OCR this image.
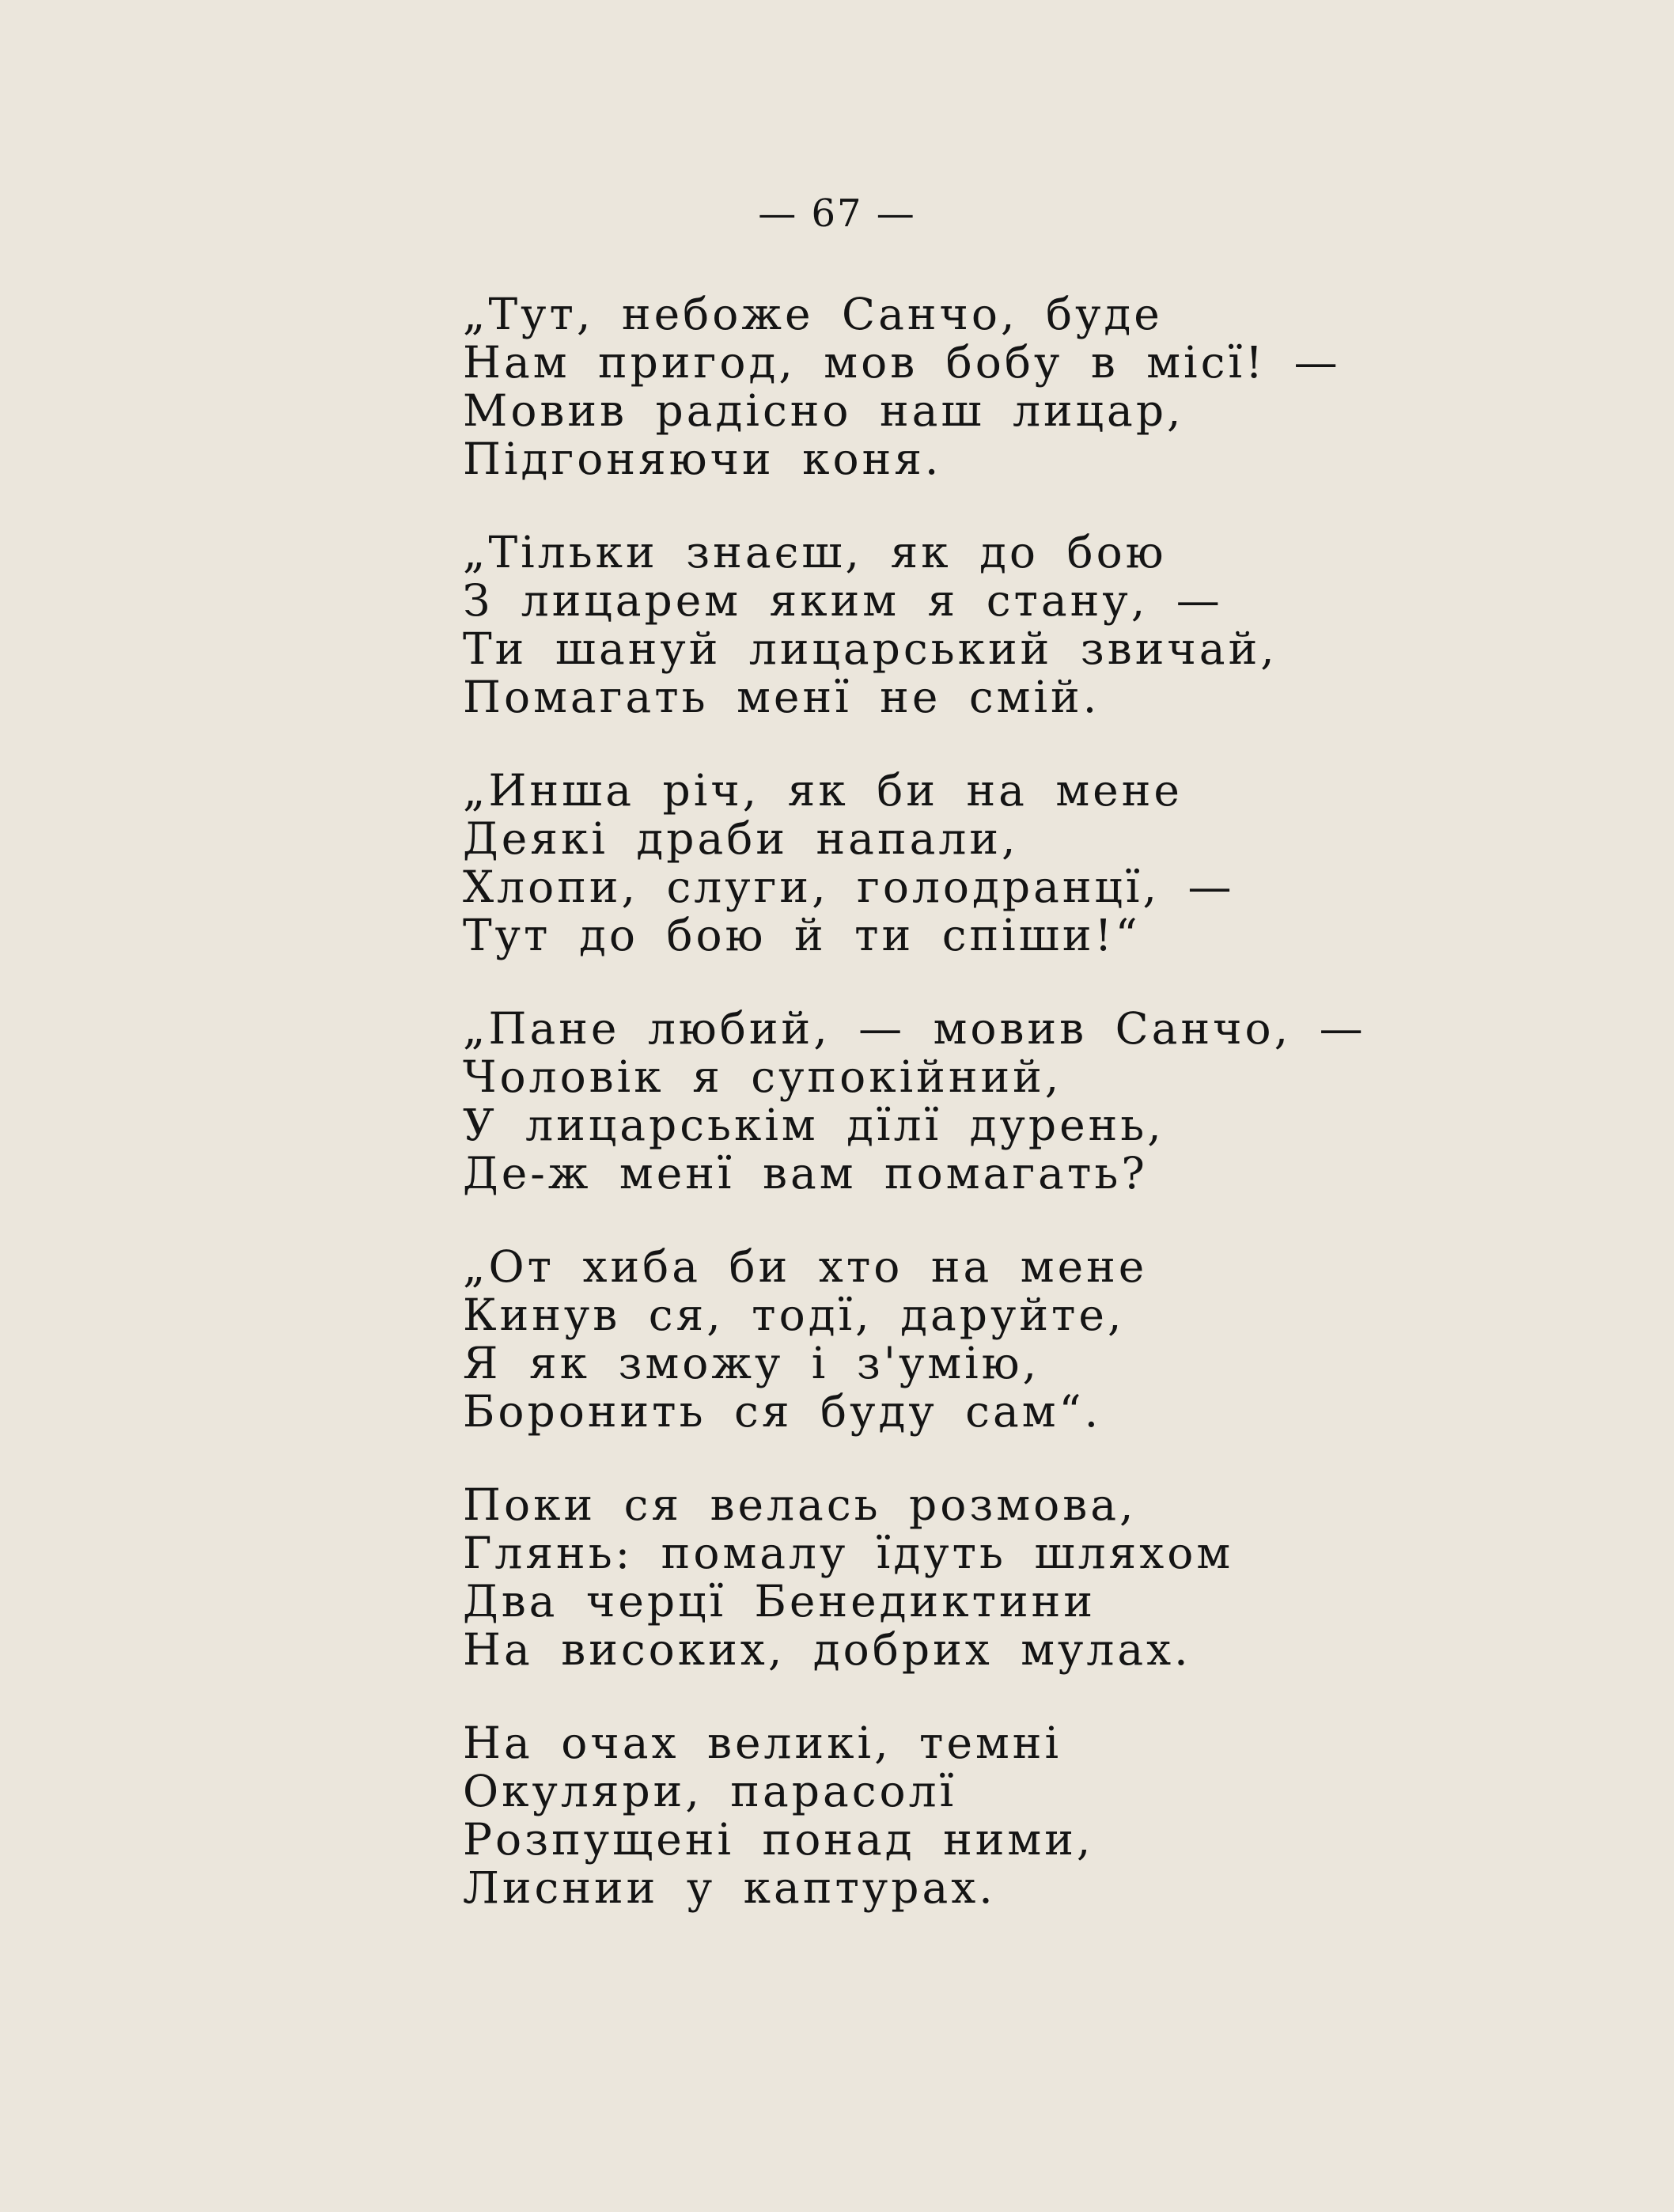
— 67 —
„Тут, небоже Санчо, буде
Нам пригод, мов бобу в місї! —
Мовив радісно наш лицар,
Підгоняючи коня.
„Тільки знаєш, як до бою
З лицарем яким я стану, —
Ти шануй лицарський звичай,
Помагать менї не смій.
„Инша річ, як би на мене
Деякі драби напали,
Хлопи, слуги, голодранцї, —
Тут до бою й ти спіши!“
„Пане любий, — мовив Санчо, —
Чоловік я супокійний,
У лицарськім дїлї дурень,
Де-ж менї вам помагать?
„От хиба би хто на мене
Кинув ся, тодї, даруйте,
Я як зможу і з'умію,
Боронить ся буду сам“.
Поки ся велась розмова,
Глянь: помалу їдуть шляхом
Два черцї Бенедиктини
На високих, добрих мулах.
На очах великі, темні
Окуляри, парасолї
Розпущені понад ними,
Лиснии у каптурах.
